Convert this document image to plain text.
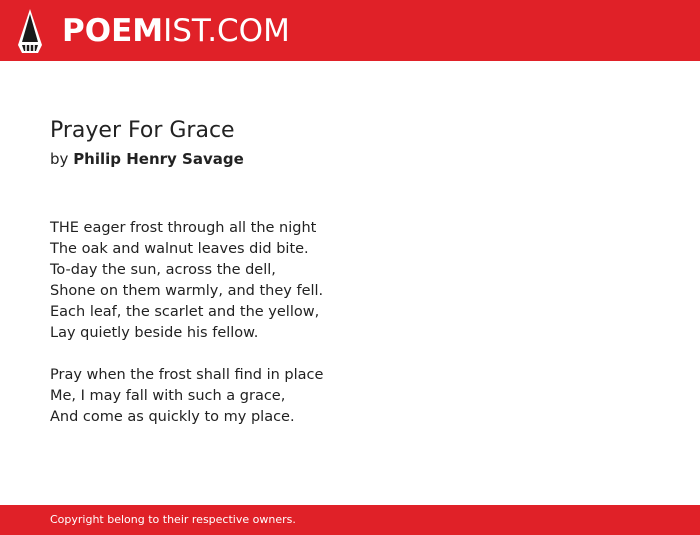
POEMIST.COM
Prayer For Grace
by Philip Henry Savage
THE eager frost through all the night
The oak and walnut leaves did bite.
To-day the sun, across the dell,
Shone on them warmly, and they fell.
Each leaf, the scarlet and the yellow,
Lay quietly beside his fellow.
Pray when the frost shall find in place
Me, I may fall with such a grace,
And come as quickly to my place.
Copyright belong to their respective owners.
